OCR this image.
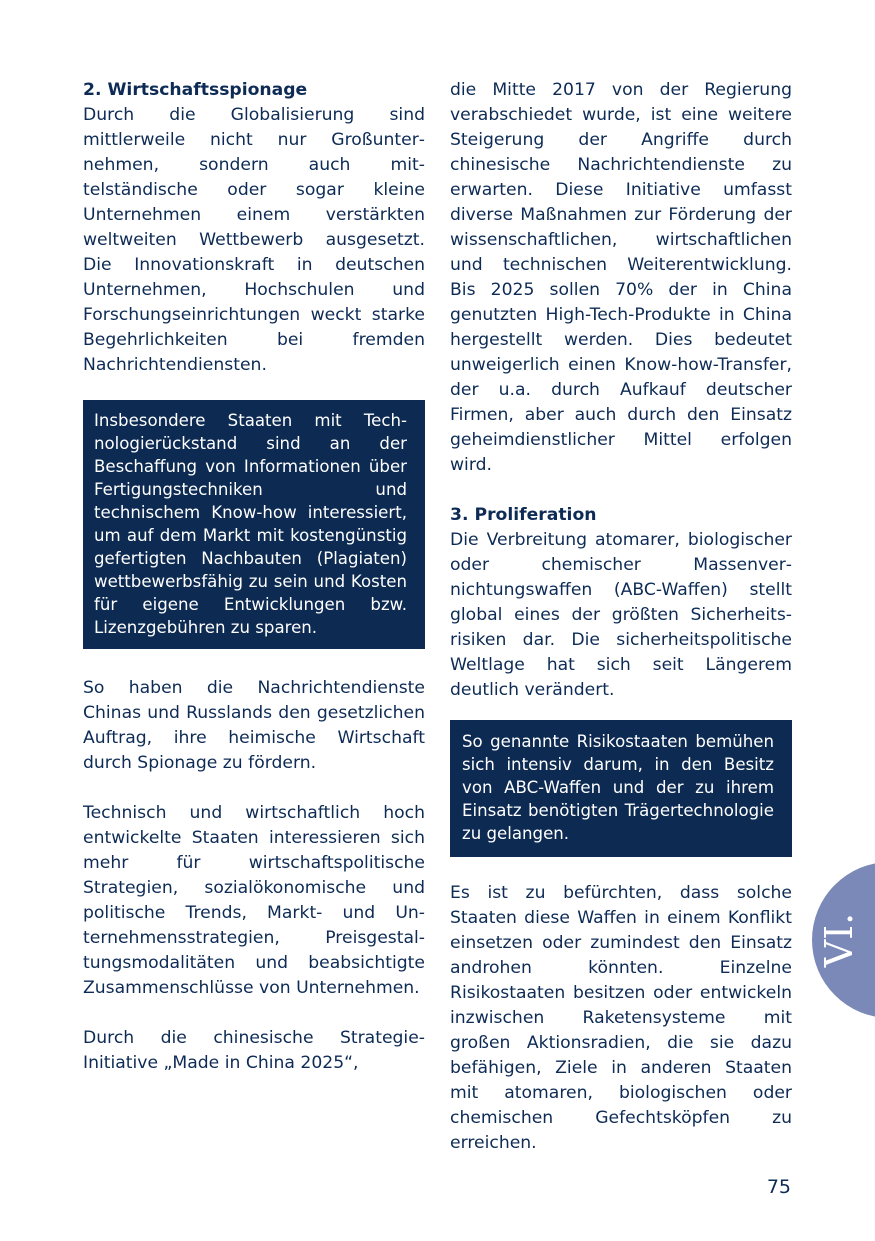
2. Wirtschaftsspionage

Durch die Globalisierung sind mittlerweile nicht nur Großunternehmen, sondern auch mittelständische oder sogar kleine Unternehmen einem verstärkten weltweiten Wettbewerb ausgesetzt. Die Innovationskraft in deutschen Unternehmen, Hochschulen und Forschungseinrichtungen weckt starke Begehrlichkeiten bei fremden Nachrichtendiensten.

Insbesondere Staaten mit Technologierückstand sind an der Beschaffung von Informationen über Fertigungstechniken und technischem Know-how interessiert, um auf dem Markt mit kostengünstig gefertigten Nachbauten (Plagiaten) wettbewerbsfähig zu sein und Kosten für eigene Entwicklungen bzw. Lizenzgebühren zu sparen.

So haben die Nachrichtendienste Chinas und Russlands den gesetzlichen Auftrag, ihre heimische Wirtschaft durch Spionage zu fördern.

Technisch und wirtschaftlich hoch entwickelte Staaten interessieren sich mehr für wirtschaftspolitische Strategien, sozialökonomische und politische Trends, Markt- und Unternehmensstrategien, Preisgestaltungsmodalitäten und beabsichtigte Zusammenschlüsse von Unternehmen.

Durch die chinesische Strategie-Initiative „Made in China 2025“,

die Mitte 2017 von der Regierung verabschiedet wurde, ist eine weitere Steigerung der Angriffe durch chinesische Nachrichtendienste zu erwarten. Diese Initiative umfasst diverse Maßnahmen zur Förderung der wissenschaftlichen, wirtschaftlichen und technischen Weiterentwicklung. Bis 2025 sollen 70% der in China genutzten High-Tech-Produkte in China hergestellt werden. Dies bedeutet unweigerlich einen Know-how-Transfer, der u.a. durch Aufkauf deutscher Firmen, aber auch durch den Einsatz geheimdienstlicher Mittel erfolgen wird.

3. Proliferation

Die Verbreitung atomarer, biologischer oder chemischer Massenvernichtungswaffen (ABC-Waffen) stellt global eines der größten Sicherheitsrisiken dar. Die sicherheitspolitische Weltlage hat sich seit Längerem deutlich verändert.

So genannte Risikostaaten bemühen sich intensiv darum, in den Besitz von ABC-Waffen und der zu ihrem Einsatz benötigten Trägertechnologie zu gelangen.

Es ist zu befürchten, dass solche Staaten diese Waffen in einem Konflikt einsetzen oder zumindest den Einsatz androhen könnten. Einzelne Risikostaaten besitzen oder entwickeln inzwischen Raketensysteme mit großen Aktionsradien, die sie dazu befähigen, Ziele in anderen Staaten mit atomaren, biologischen oder chemischen Gefechtsköpfen zu erreichen.

VI.
75
